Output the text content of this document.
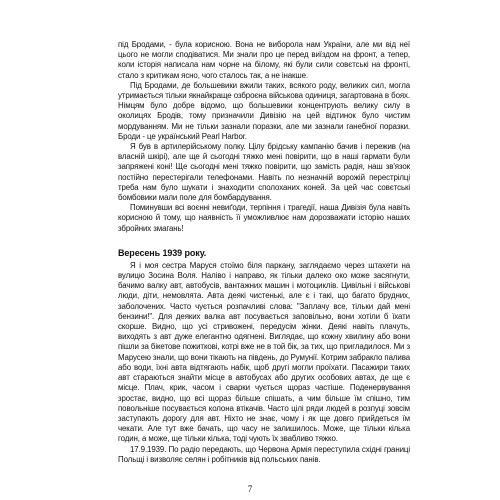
під Бродами, - була корисною. Вона не виборола нам України, але ми від неї цього не могли сподіватися. Ми знали про це перед виїздом на фронт, а тепер, коли історія написала нам чорне на білому, які були сили совєтські на фронті, стало з критикам ясно, чого сталось так, а не інакше.

Під Бродами, де большевики вжили таких, всякого роду, великих сил, могла утримається тільки якнайкраще озброєна військова одиниця, загартована в боях. Німцям було добре відомо, що большевики концентрують велику силу в околицях Бродів, тому призначили Дивізію на цей відтинок було чистим мордуванням. Ми не тільки зазнали поразки, але ми зазнали ганебної поразки. Броди - це український Pearl Harbor.

Я був в артилерійському полку. Цілу брідську кампанію бачив і пережив (на власній шкірі), але ще й сьогодні тяжко мені повірити, що в наші гармати були запряжені коні! Ще сьогодні мені тяжко повірити, що замість радія, наш зв'язок постійно перестерігали телефонами. Навіть по незначній ворожій перестрілці треба нам було шукати і знаходити сполоханих коней. За цей час совєтські бомбовики мали поле для бомбардування.

Поминувши всі воєнні невиґоди, терпіння і трагедії, наша Дивізія була навіть корисною й тому, що наявність її уможливлює нам дорозважати історію наших збройних змагань!

Вересень 1939 року.

Я і моя сестра Маруся стоїмо біля паркану, заглядаємо через штахети на вулицю Зосина Воля. Наліво і направо, як тільки далеко око може засягнути, бачимо валку авт, автобусів, вантажних машин і мотоциклів. Цивільні і військові люди, діти, немовлята. Авта деякі чистенькі, але є і такі, що багато брудних, заболочених. Часто чується розпачливі слова: "Заплачу все, тільки дай мені бензини!". Для деяких валка авт посувається заповільно, вони хотіли б їхати скорше. Видно, що усі стривожені, передусім жінки. Деякі навіть плачуть, виходять з авт дуже елегантно одягнені. Виглядає, що кожну хвилину або вони пішли за бікетове пожиткові, котрі вже не в той бік, за тих, що пригладилося. Ми з Марусею знали, що вони тікають на південь, до Румунії. Котрим забракло палива або води, їхні авта відтягають набік, щоб другі могли проїхати. Пасажири таких авт стараються знайти місце в автобусах або других особових автах, де ще є місце. Плач, крик, часом і сварки чується щораз частіше. Поденервування зростає, видно, що всі щораз більше спішать, а чим більше їм спішно, тим повольніше посувається колона втікачів. Часто цілі ряди людей в розпуці зовсім заступають дорогу для авт. Ніхто не знає, чому і як ще довго прийдеться їм чекати. Але тут вже бачать, що часу не залишилось. Може, ще тільки кілька годин, а може, ще тільки кілька, тоді чують їх звабливо тяжко.

17.9.1939. По радіо передають, що Червона Армія переступила східні границі Польщі і визволяє селян і робітників від польських панів.

7
